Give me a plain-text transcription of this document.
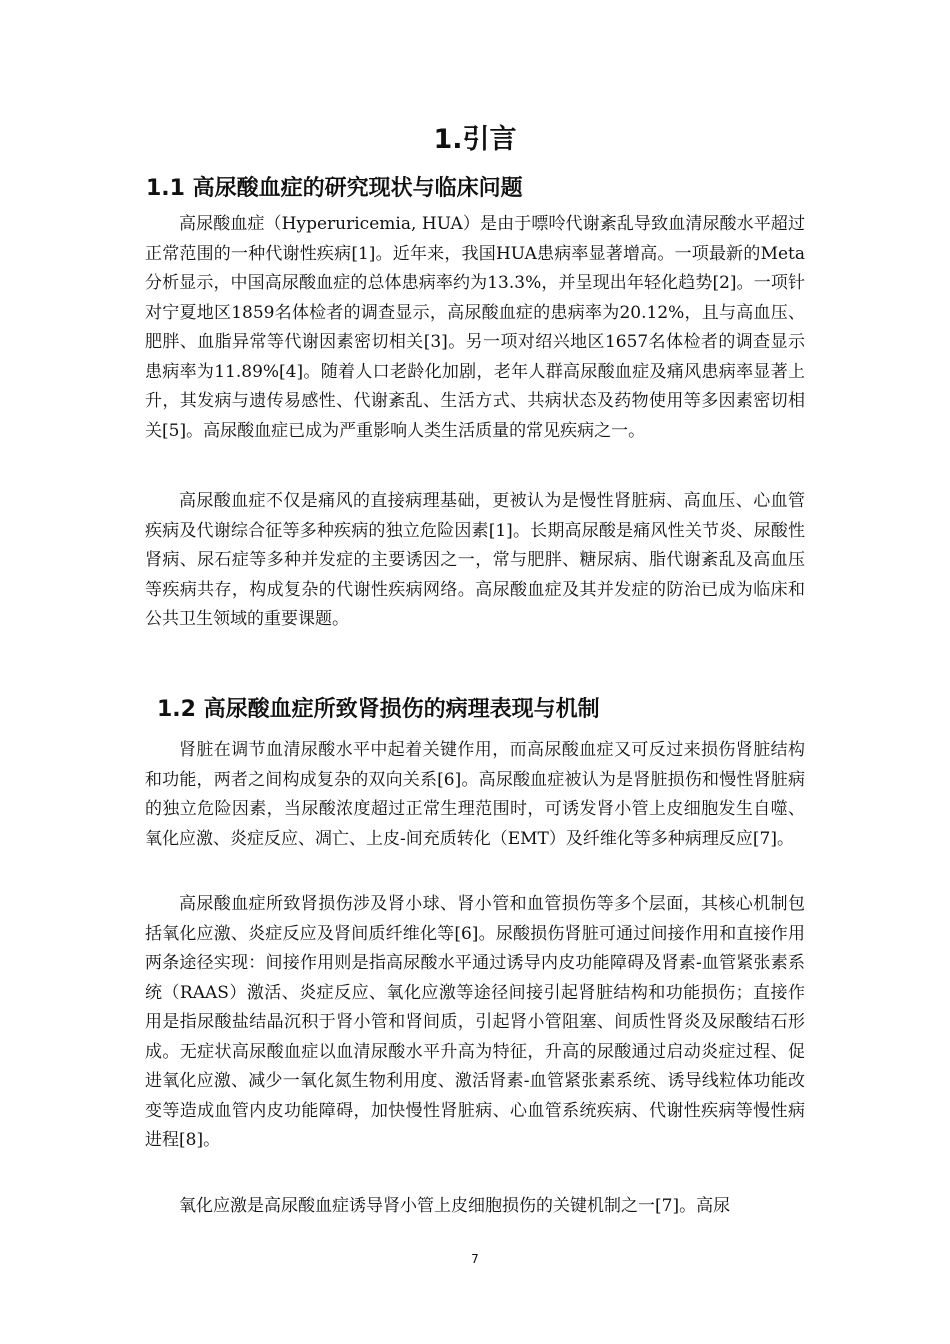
1.引言
1.1 高尿酸血症的研究现状与临床问题

高尿酸血症（Hyperuricemia, HUA）是由于嘌呤代谢紊乱导致血清尿酸水平超过正常范围的一种代谢性疾病[1]。近年来，我国HUA患病率显著增高。一项最新的Meta分析显示，中国高尿酸血症的总体患病率约为13.3%，并呈现出年轻化趋势[2]。一项针对宁夏地区1859名体检者的调查显示，高尿酸血症的患病率为20.12%，且与高血压、肥胖、血脂异常等代谢因素密切相关[3]。另一项对绍兴地区1657名体检者的调查显示患病率为11.89%[4]。随着人口老龄化加剧，老年人群高尿酸血症及痛风患病率显著上升，其发病与遗传易感性、代谢紊乱、生活方式、共病状态及药物使用等多因素密切相关[5]。高尿酸血症已成为严重影响人类生活质量的常见疾病之一。

高尿酸血症不仅是痛风的直接病理基础，更被认为是慢性肾脏病、高血压、心血管疾病及代谢综合征等多种疾病的独立危险因素[1]。长期高尿酸是痛风性关节炎、尿酸性肾病、尿石症等多种并发症的主要诱因之一，常与肥胖、糖尿病、脂代谢紊乱及高血压等疾病共存，构成复杂的代谢性疾病网络。高尿酸血症及其并发症的防治已成为临床和公共卫生领域的重要课题。

1.2 高尿酸血症所致肾损伤的病理表现与机制

肾脏在调节血清尿酸水平中起着关键作用，而高尿酸血症又可反过来损伤肾脏结构和功能，两者之间构成复杂的双向关系[6]。高尿酸血症被认为是肾脏损伤和慢性肾脏病的独立危险因素，当尿酸浓度超过正常生理范围时，可诱发肾小管上皮细胞发生自噬、氧化应激、炎症反应、凋亡、上皮-间充质转化（EMT）及纤维化等多种病理反应[7]。

高尿酸血症所致肾损伤涉及肾小球、肾小管和血管损伤等多个层面，其核心机制包括氧化应激、炎症反应及肾间质纤维化等[6]。尿酸损伤肾脏可通过间接作用和直接作用两条途径实现：间接作用则是指高尿酸水平通过诱导内皮功能障碍及肾素-血管紧张素系统（RAAS）激活、炎症反应、氧化应激等途径间接引起肾脏结构和功能损伤；直接作用是指尿酸盐结晶沉积于肾小管和肾间质，引起肾小管阻塞、间质性肾炎及尿酸结石形成。无症状高尿酸血症以血清尿酸水平升高为特征，升高的尿酸通过启动炎症过程、促进氧化应激、减少一氧化氮生物利用度、激活肾素-血管紧张素系统、诱导线粒体功能改变等造成血管内皮功能障碍，加快慢性肾脏病、心血管系统疾病、代谢性疾病等慢性病进程[8]。

氧化应激是高尿酸血症诱导肾小管上皮细胞损伤的关键机制之一[7]。高尿

7
